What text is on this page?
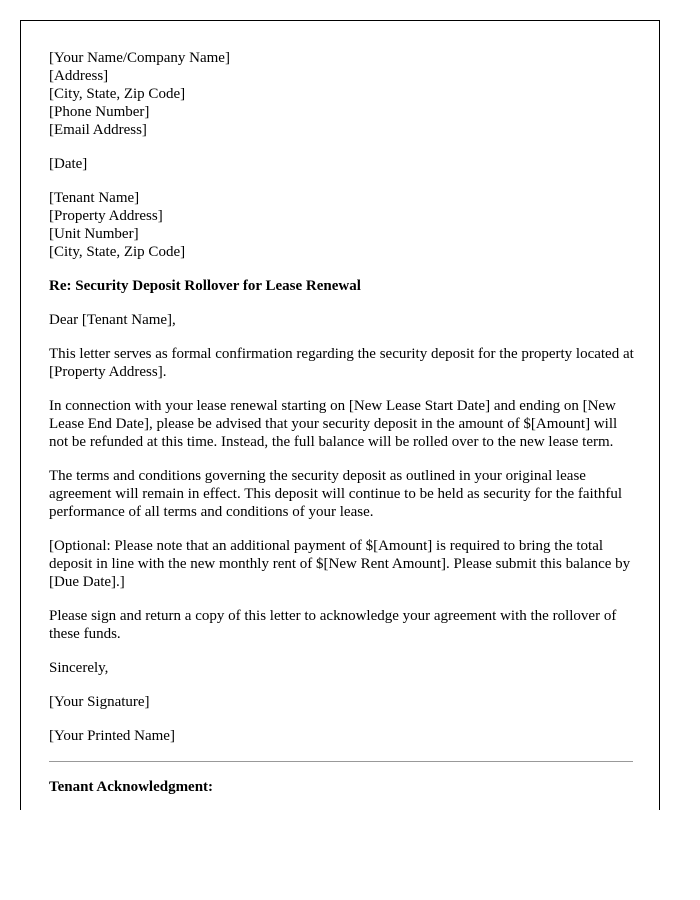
[Your Name/Company Name]
[Address]
[City, State, Zip Code]
[Phone Number]
[Email Address]
[Date]
[Tenant Name]
[Property Address]
[Unit Number]
[City, State, Zip Code]

Re: Security Deposit Rollover for Lease Renewal

Dear [Tenant Name],

This letter serves as formal confirmation regarding the security deposit for the property located at [Property Address].

In connection with your lease renewal starting on [New Lease Start Date] and ending on [New Lease End Date], please be advised that your security deposit in the amount of $[Amount] will not be refunded at this time. Instead, the full balance will be rolled over to the new lease term.

The terms and conditions governing the security deposit as outlined in your original lease agreement will remain in effect. This deposit will continue to be held as security for the faithful performance of all terms and conditions of your lease.

[Optional: Please note that an additional payment of $[Amount] is required to bring the total deposit in line with the new monthly rent of $[New Rent Amount]. Please submit this balance by [Due Date].]

Please sign and return a copy of this letter to acknowledge your agreement with the rollover of these funds.

Sincerely,

[Your Signature]

[Your Printed Name]

Tenant Acknowledgment:
